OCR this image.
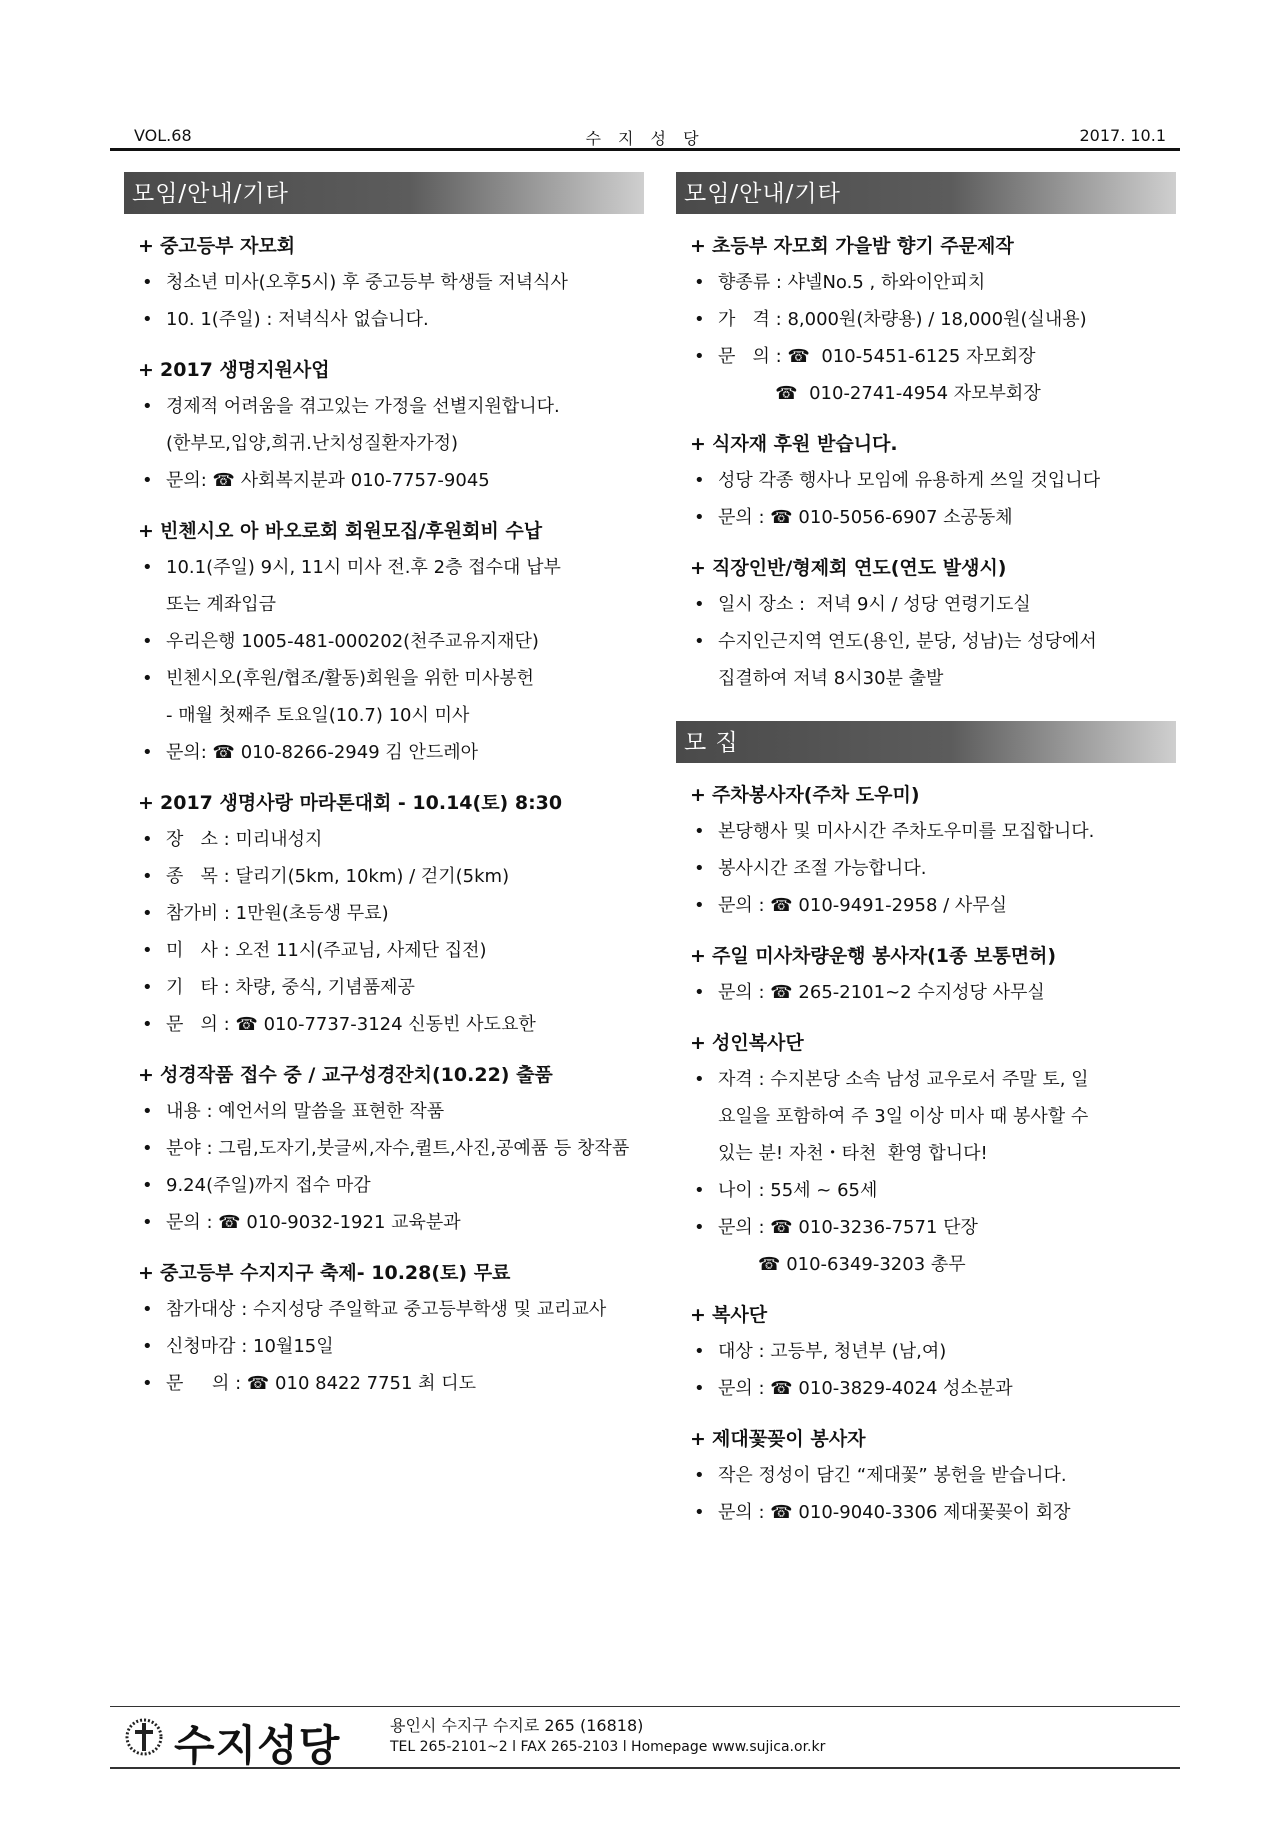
VOL.68	수 지 성 당	2017. 10.1
모임/안내/기타
+ 중고등부 자모회
• 청소년 미사(오후5시) 후 중고등부 학생들 저녁식사
• 10. 1(주일) : 저녁식사 없습니다.
+ 2017 생명지원사업
• 경제적 어려움을 겪고있는 가정을 선별지원합니다.
(한부모,입양,희귀.난치성질환자가정)
• 문의: ☎ 사회복지분과 010-7757-9045
+ 빈첸시오 아 바오로회 회원모집/후원회비 수납
• 10.1(주일) 9시, 11시 미사 전.후 2층 접수대 납부
또는 계좌입금
• 우리은행 1005-481-000202(천주교유지재단)
• 빈첸시오(후원/협조/활동)회원을 위한 미사봉헌
- 매월 첫째주 토요일(10.7) 10시 미사
• 문의: ☎ 010-8266-2949 김 안드레아
+ 2017 생명사랑 마라톤대회 - 10.14(토) 8:30
• 장   소 : 미리내성지
• 종   목 : 달리기(5km, 10km) / 걷기(5km)
• 참가비 : 1만원(초등생 무료)
• 미   사 : 오전 11시(주교님, 사제단 집전)
• 기   타 : 차량, 중식, 기념품제공
• 문   의 : ☎ 010-7737-3124 신동빈 사도요한
+ 성경작품 접수 중 / 교구성경잔치(10.22) 출품
• 내용 : 예언서의 말씀을 표현한 작품
• 분야 : 그림,도자기,붓글씨,자수,퀼트,사진,공예품 등 창작품
• 9.24(주일)까지 접수 마감
• 문의 : ☎ 010-9032-1921 교육분과
+ 중고등부 수지지구 축제- 10.28(토) 무료
• 참가대상 : 수지성당 주일학교 중고등부학생 및 교리교사
• 신청마감 : 10월15일
• 문     의 : ☎ 010 8422 7751 최 디도
모임/안내/기타
+ 초등부 자모회 가을밤 향기 주문제작
• 향종류 : 샤넬No.5 , 하와이안피치
• 가   격 : 8,000원(차량용) / 18,000원(실내용)
• 문   의 : ☎  010-5451-6125 자모회장
☎  010-2741-4954 자모부회장
+ 식자재 후원 받습니다.
• 성당 각종 행사나 모임에 유용하게 쓰일 것입니다
• 문의 : ☎ 010-5056-6907 소공동체
+ 직장인반/형제회 연도(연도 발생시)
• 일시 장소 :  저녁 9시 / 성당 연령기도실
• 수지인근지역 연도(용인, 분당, 성남)는 성당에서
집결하여 저녁 8시30분 출발
모 집
+ 주차봉사자(주차 도우미)
• 본당행사 및 미사시간 주차도우미를 모집합니다.
• 봉사시간 조절 가능합니다.
• 문의 : ☎ 010-9491-2958 / 사무실
+ 주일 미사차량운행 봉사자(1종 보통면허)
• 문의 : ☎ 265-2101~2 수지성당 사무실
+ 성인복사단
• 자격 : 수지본당 소속 남성 교우로서 주말 토, 일
요일을 포함하여 주 3일 이상 미사 때 봉사할 수
있는 분! 자천・타천  환영 합니다!
• 나이 : 55세 ~ 65세
• 문의 : ☎ 010-3236-7571 단장
☎ 010-6349-3203 총무
+ 복사단
• 대상 : 고등부, 청년부 (남,여)
• 문의 : ☎ 010-3829-4024 성소분과
+ 제대꽃꽂이 봉사자
• 작은 정성이 담긴 “제대꽃” 봉헌을 받습니다.
• 문의 : ☎ 010-9040-3306 제대꽃꽂이 회장
수지성당	용인시 수지구 수지로 265 (16818)
TEL 265-2101~2 l FAX 265-2103 l Homepage www.sujica.or.kr
